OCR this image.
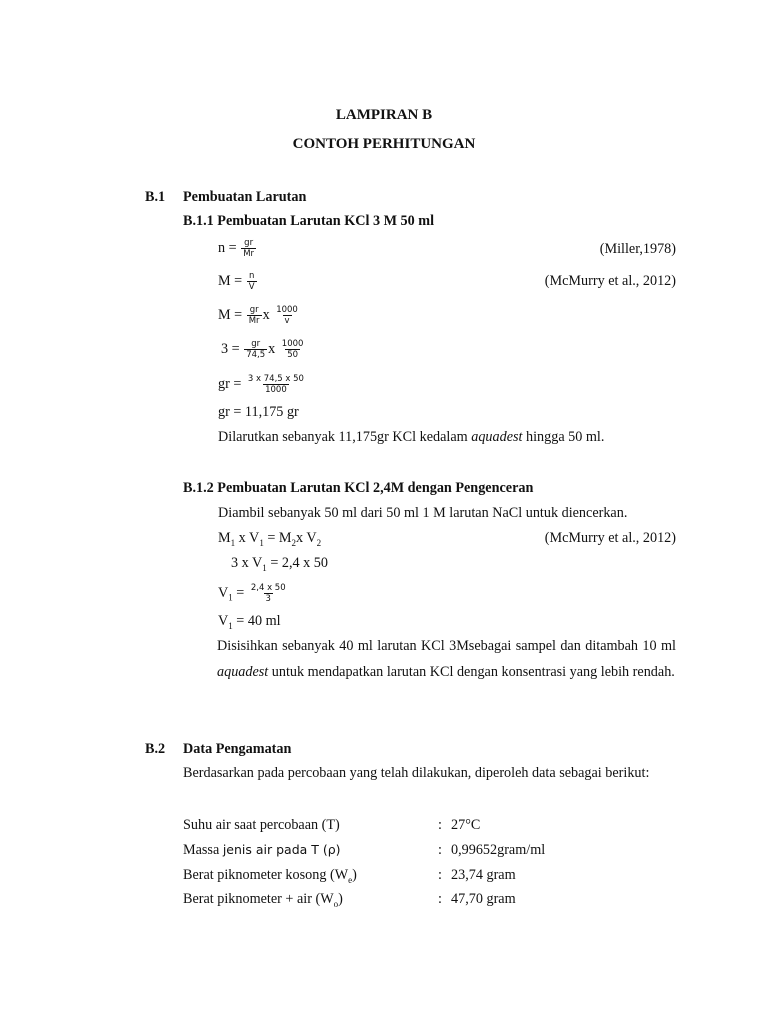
LAMPIRAN B
CONTOH PERHITUNGAN
B.1 Pembuatan Larutan
B.1.1 Pembuatan Larutan KCl 3 M 50 ml
$n = \frac{gr}{Mr}$	(Miller,1978)
$M = \frac{n}{V}$	(McMurry et al., 2012)
$M = \frac{gr}{Mr}$ x $\frac{1000}{v}$
$3 = \frac{gr}{74,5}$ x $\frac{1000}{50}$
gr = $\frac{3 x 74,5 x 50}{1000}$
gr = 11,175 gr
Dilarutkan sebanyak 11,175gr KCl kedalam aquadest hingga 50 ml.
B.1.2 Pembuatan Larutan KCl 2,4M dengan Pengenceran
Diambil sebanyak 50 ml dari 50 ml 1 M larutan NaCl untuk diencerkan.
$M_1$ x $V_1 = M_2x$ $V_2$	(McMurry et al., 2012)
3 x $V_1 = 2,4$ x 50
$V_1 = \frac{2,4 x 50}{3}$
$V_1 = 40$ ml
Disisihkan sebanyak 40 ml larutan KCl 3Msebagai sampel dan ditambah 10 ml aquadest untuk mendapatkan larutan KCl dengan konsentrasi yang lebih rendah.
B.2 Data Pengamatan
Berdasarkan pada percobaan yang telah dilakukan, diperoleh data sebagai berikut:
Suhu air saat percobaan (T)	: 27°C
Massa jenis air pada T (ρ)	: 0,99652gram/ml
Berat piknometer kosong $(W_e)$	: 23,74 gram
Berat piknometer + air $(W_o)$	: 47,70 gram
